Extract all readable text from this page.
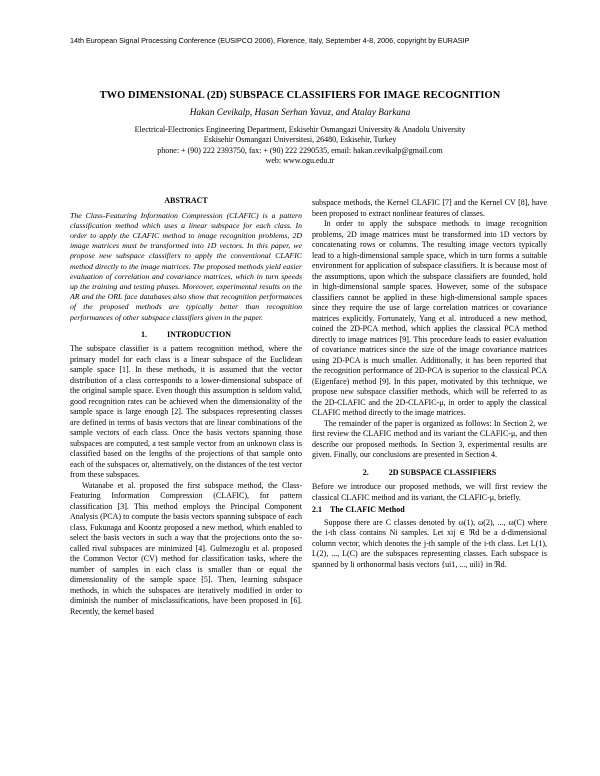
14th European Signal Processing Conference (EUSIPCO 2006), Florence, Italy, September 4-8, 2006, copyright by EURASIP
TWO DIMENSIONAL (2D) SUBSPACE CLASSIFIERS FOR IMAGE RECOGNITION
Hakan Cevikalp, Hasan Serhan Yavuz, and Atalay Barkana
Electrical-Electronics Engineering Department, Eskisehir Osmangazi University & Anadolu University
Eskisehir Osmangazi Universitesi, 26480, Eskisehir, Turkey
phone: + (90) 222 2393750, fax: + (90) 222 2290535, email: hakan.cevikalp@gmail.com
web: www.ogu.edu.tr
ABSTRACT

The Class-Featuring Information Compression (CLAFIC) is a pattern classification method which uses a linear subspace for each class. In order to apply the CLAFIC method to image recognition problems, 2D image matrices must be transformed into 1D vectors. In this paper, we propose new subspace classifiers to apply the conventional CLAFIC method directly to the image matrices. The proposed methods yield easier evaluation of correlation and covariance matrices, which in turn speeds up the training and testing phases. Moreover, experimental results on the AR and the ORL face databases also show that recognition performances of the proposed methods are typically better than recognition performances of other subspace classifiers given in the paper.

1.          INTRODUCTION

The subspace classifier is a pattern recognition method, where the primary model for each class is a linear subspace of the Euclidean sample space [1]. In these methods, it is assumed that the vector distribution of a class corresponds to a lower-dimensional subspace of the original sample space. Even though this assumption is seldom valid, good recognition rates can be achieved when the dimensionality of the sample space is large enough [2]. The subspaces representing classes are defined in terms of basis vectors that are linear combinations of the sample vectors of each class. Once the basis vectors spanning those subspaces are computed, a test sample vector from an unknown class is classified based on the lengths of the projections of that sample onto each of the subspaces or, alternatively, on the distances of the test vector from these subspaces.

Watanabe et al. proposed the first subspace method, the Class-Featuring Information Compression (CLAFIC), for pattern classification [3]. This method employs the Principal Component Analysis (PCA) to compute the basis vectors spanning subspace of each class. Fukunaga and Koontz proposed a new method, which enabled to select the basis vectors in such a way that the projections onto the so-called rival subspaces are minimized [4]. Gulmezoglu et al. proposed the Common Vector (CV) method for classification tasks, where the number of samples in each class is smaller than or equal the dimensionality of the sample space [5]. Then, learning subspace methods, in which the subspaces are iteratively modified in order to diminish the number of misclassifications, have been proposed in [6]. Recently, the kernel based

subspace methods, the Kernel CLAFIC [7] and the Kernel CV [8], have been proposed to extract nonlinear features of classes.

In order to apply the subspace methods to image recognition problems, 2D image matrices must be transformed into 1D vectors by concatenating rows or columns. The resulting image vectors typically lead to a high-dimensional sample space, which in turn forms a suitable environment for application of subspace classifiers. It is because most of the assumptions, upon which the subspace classifiers are founded, hold in high-dimensional sample spaces. However, some of the subspace classifiers cannot be applied in these high-dimensional sample spaces since they require the use of large correlation matrices or covariance matrices explicitly. Fortunately, Yang et al. introduced a new method, coined the 2D-PCA method, which applies the classical PCA method directly to image matrices [9]. This procedure leads to easier evaluation of covariance matrices since the size of the image covariance matrices using 2D-PCA is much smaller. Additionally, it has been reported that the recognition performance of 2D-PCA is superior to the classical PCA (Eigenface) method [9]. In this paper, motivated by this technique, we propose new subspace classifier methods, which will be referred to as the 2D-CLAFIC and the 2D-CLAFIC-μ, in order to apply the classical CLAFIC method directly to the image matrices.

The remainder of the paper is organized as follows: In Section 2, we first review the CLAFIC method and its variant the CLAFIC-μ, and then describe our proposed methods. In Section 3, experimental results are given. Finally, our conclusions are presented in Section 4.

2.          2D SUBSPACE CLASSIFIERS

Before we introduce our proposed methods, we will first review the classical CLAFIC method and its variant, the CLAFIC-μ, briefly.

2.1 The CLAFIC Method

Suppose there are C classes denoted by ω(1), ω(2), ..., ω(C) where the i-th class contains Ni samples. Let xij ∈ ℜd be a d-dimensional column vector, which denotes the j-th sample of the i-th class. Let L(1), L(2), ..., L(C) are the subspaces representing classes. Each subspace is spanned by li orthonormal basis vectors {ui1, ..., uili} in ℜd.
